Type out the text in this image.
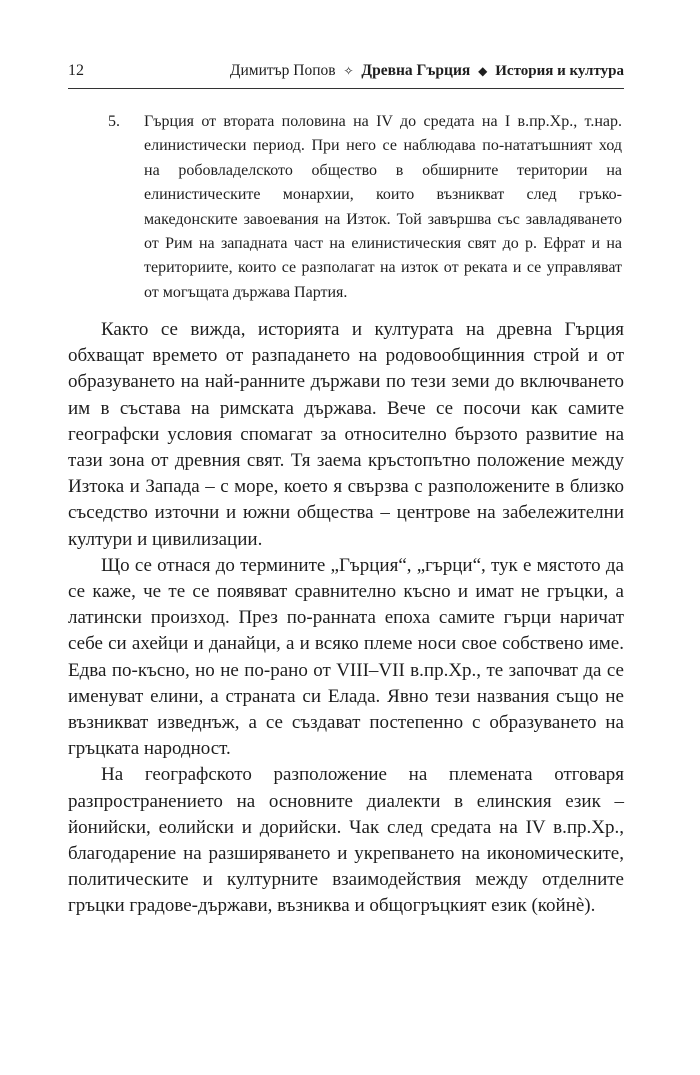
12	Димитър Попов ✧ Древна Гърция ◆ История и култура
5. Гърция от втората половина на IV до средата на I в.пр.Хр., т.нар. елинистически период. При него се наблюдава по-нататъшният ход на робовладелското общество в обширните територии на елинистическите монархии, които възникват след гръко-македонските завоевания на Изток. Той завършва със завладяването от Рим на западната част на елинистическия свят до р. Ефрат и на териториите, които се разполагат на изток от реката и се управляват от могъщата държава Партия.

Както се вижда, историята и културата на древна Гърция обхващат времето от разпадането на родовообщинния строй и от образуването на най-ранните държави по тези земи до включването им в състава на римската държава. Вече се посочи как самите географски условия спомагат за относително бързото развитие на тази зона от древния свят. Тя заема кръстопътно положение между Изтока и Запада – с море, което я свързва с разположените в близко съседство източни и южни общества – центрове на забележителни култури и цивилизации.

Що се отнася до термините „Гърция“, „гърци“, тук е мястото да се каже, че те се появяват сравнително късно и имат не гръцки, а латински произход. През по-ранната епоха самите гърци наричат себе си ахейци и данайци, а и всяко племе носи свое собствено име. Едва по-късно, но не по-рано от VIII–VII в.пр.Хр., те започват да се именуват елини, а страната си Елада. Явно тези названия също не възникват изведнъж, а се създават постепенно с образуването на гръцката народност.

На географското разположение на племената отговаря разпространението на основните диалекти в елинския език – йонийски, еолийски и дорийски. Чак след средата на IV в.пр.Хр., благодарение на разширяването и укрепването на икономическите, политическите и културните взаимодействия между отделните гръцки градове-държави, възниква и общогръцкият език (койнѐ).
